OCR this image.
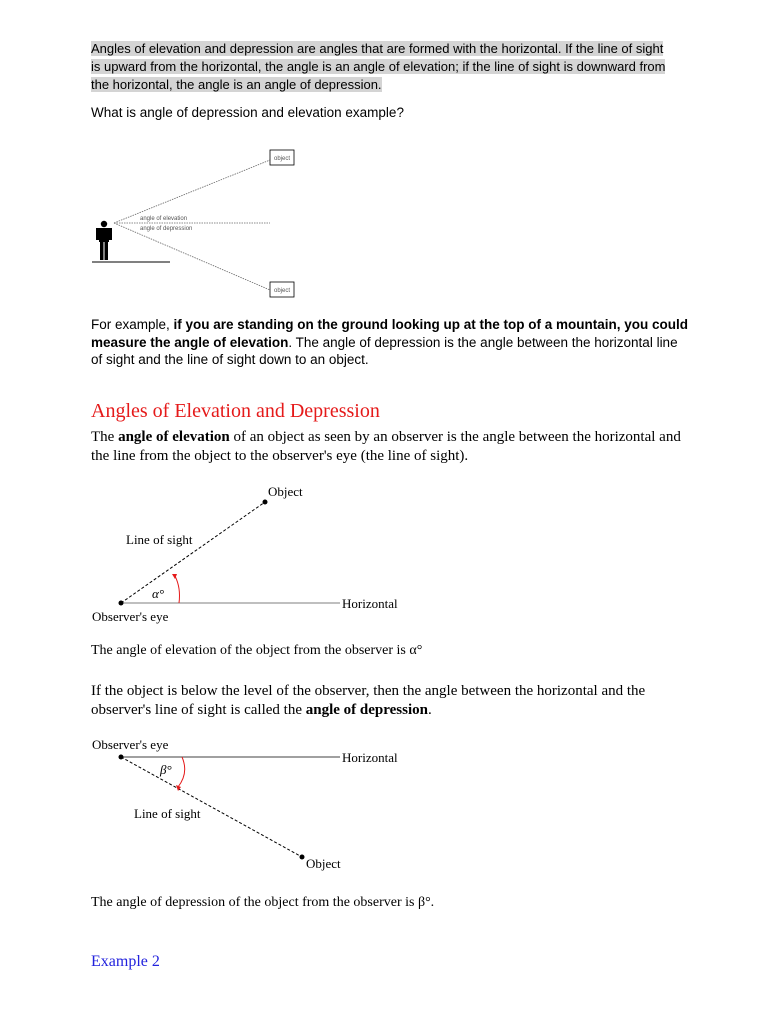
Angles of elevation and depression are angles that are formed with the horizontal. If the line of sight is upward from the horizontal, the angle is an angle of elevation; if the line of sight is downward from the horizontal, the angle is an angle of depression.
What is angle of depression and elevation example?
object
object
angle of elevation
angle of depression
For example, if you are standing on the ground looking up at the top of a mountain, you could measure the angle of elevation. The angle of depression is the angle between the horizontal line of sight and the line of sight down to an object.
Angles of Elevation and Depression
The angle of elevation of an object as seen by an observer is the angle between the horizontal and the line from the object to the observer's eye (the line of sight).
Object
Line of sight
α°
Horizontal
Observer's eye
The angle of elevation of the object from the observer is α°
If the object is below the level of the observer, then the angle between the horizontal and the observer's line of sight is called the angle of depression.
Observer's eye
Horizontal
β°
Line of sight
Object
The angle of depression of the object from the observer is β°.
Example 2
